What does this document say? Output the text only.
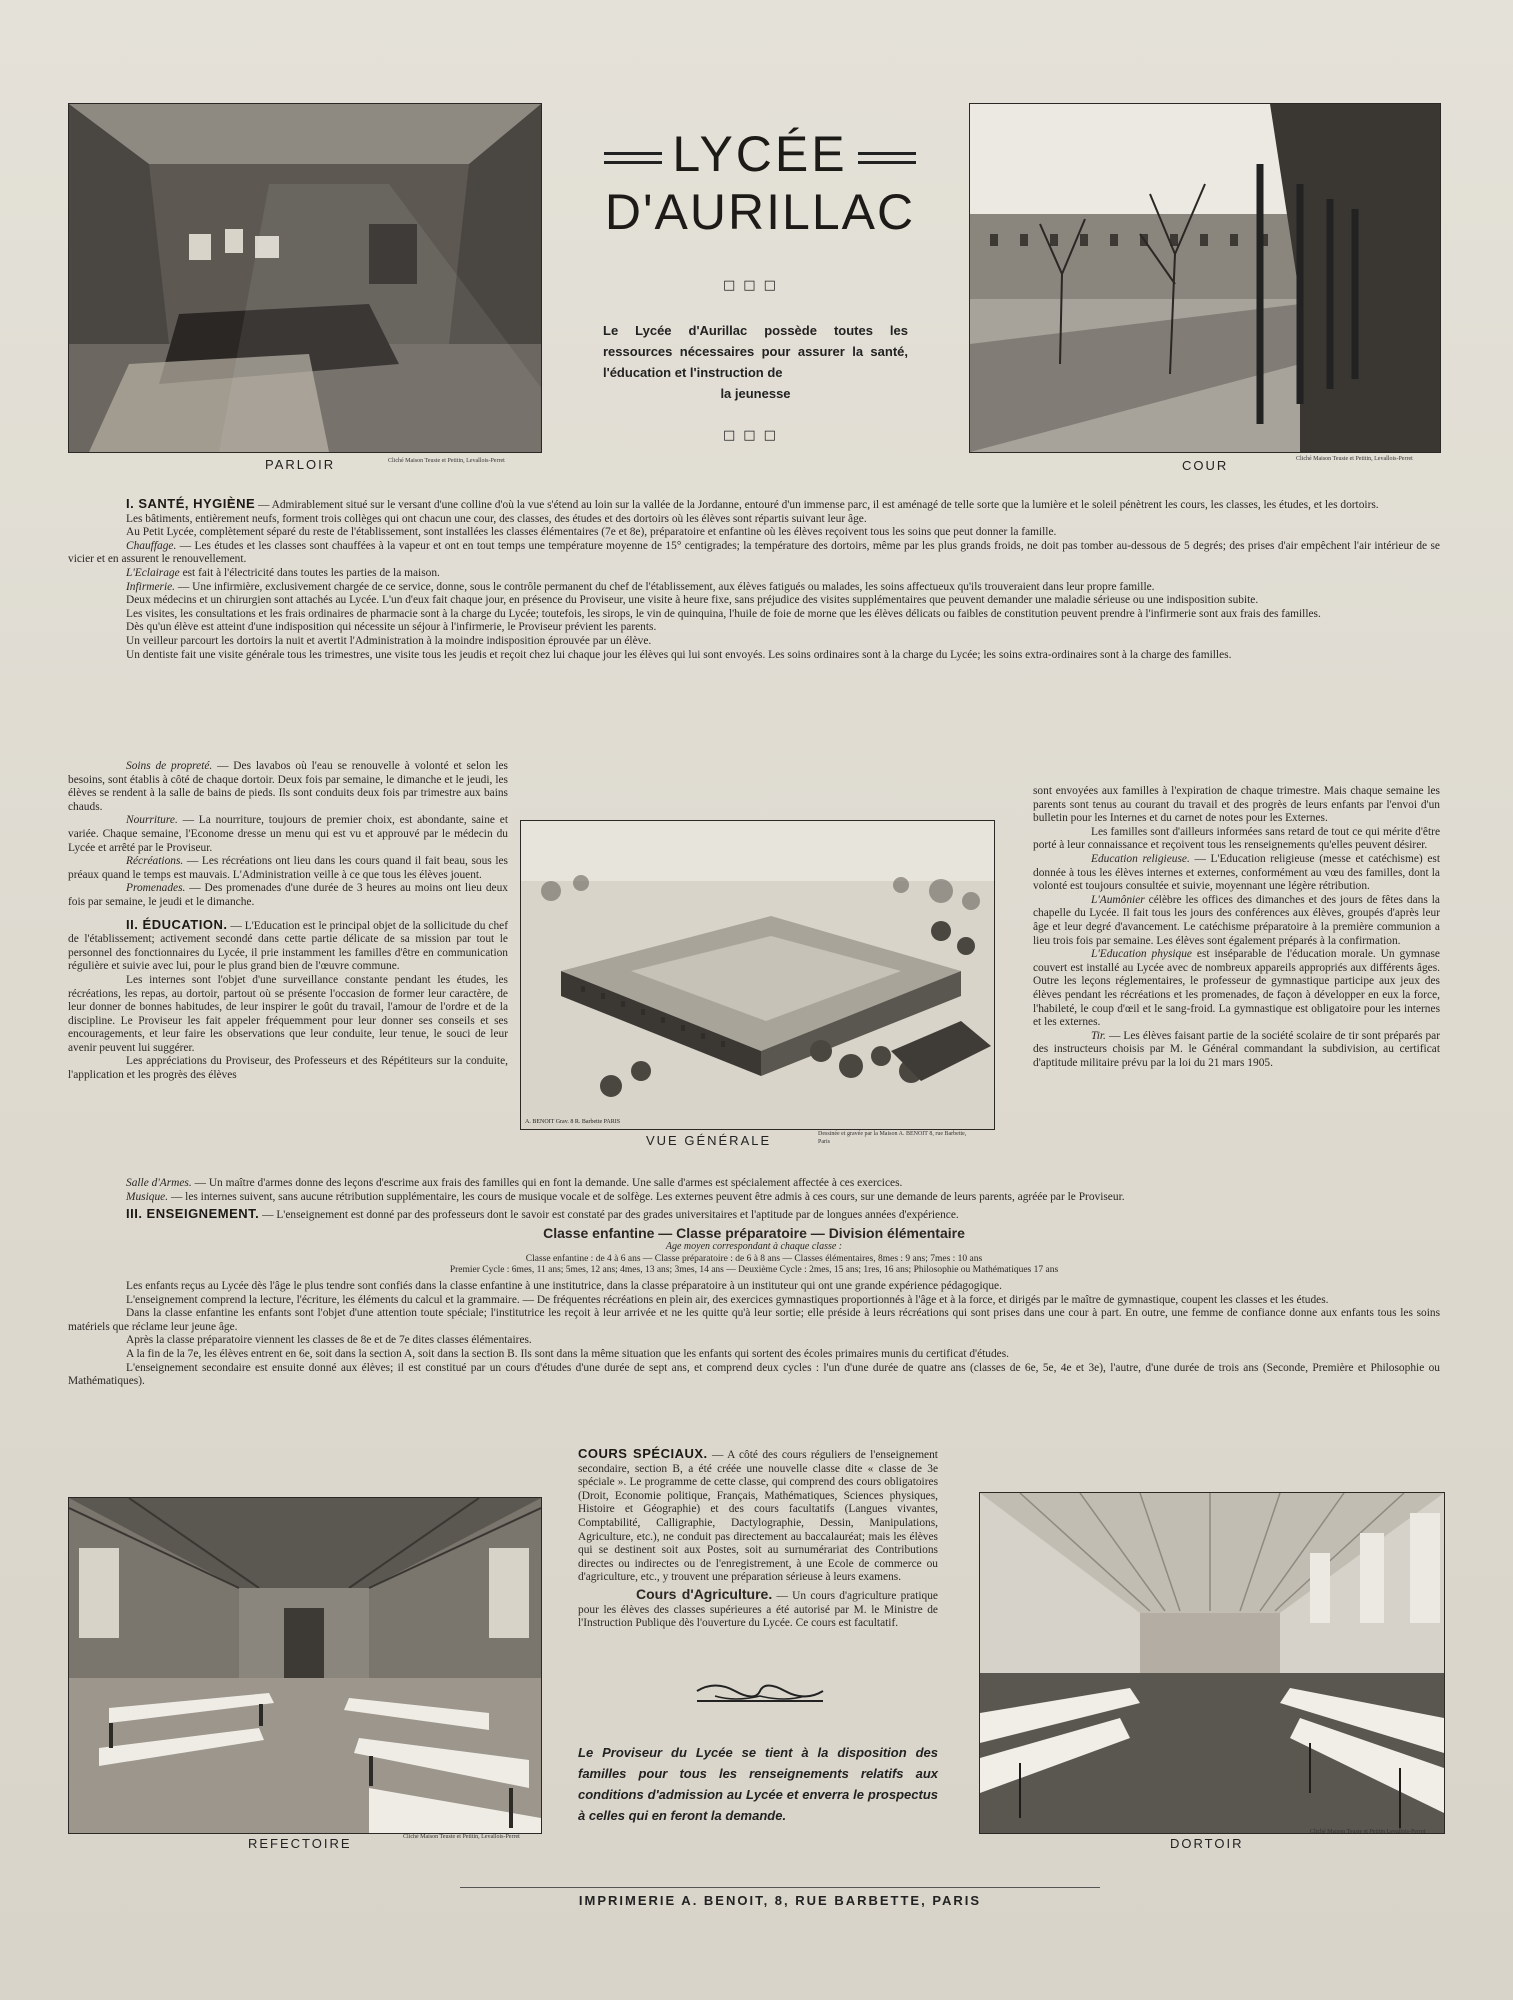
PARLOIR	Cliché Maison Teuste et Petitin, Levallois-Perret
LYCÉE
D'AURILLAC
□□□
Le Lycée d'Aurillac possède toutes les ressources nécessaires pour assurer la santé, l'éducation et l'instruction de
la jeunesse
□□□
COUR	Cliché Maison Teuste et Petitin, Levallois-Perret

I. SANTÉ, HYGIÈNE — Admirablement situé sur le versant d'une colline d'où la vue s'étend au loin sur la vallée de la Jordanne, entouré d'un immense parc, il est aménagé de telle sorte que la lumière et le soleil pénètrent les cours, les classes, les études, et les dortoirs.

Les bâtiments, entièrement neufs, forment trois collèges qui ont chacun une cour, des classes, des études et des dortoirs où les élèves sont répartis suivant leur âge.

Au Petit Lycée, complètement séparé du reste de l'établissement, sont installées les classes élémentaires (7e et 8e), préparatoire et enfantine où les élèves reçoivent tous les soins que peut donner la famille.

Chauffage. — Les études et les classes sont chauffées à la vapeur et ont en tout temps une température moyenne de 15° centigrades; la température des dortoirs, même par les plus grands froids, ne doit pas tomber au-dessous de 5 degrés; des prises d'air empêchent l'air intérieur de se vicier et en assurent le renouvellement.

L'Eclairage est fait à l'électricité dans toutes les parties de la maison.

Infirmerie. — Une infirmière, exclusivement chargée de ce service, donne, sous le contrôle permanent du chef de l'établissement, aux élèves fatigués ou malades, les soins affectueux qu'ils trouveraient dans leur propre famille.

Deux médecins et un chirurgien sont attachés au Lycée. L'un d'eux fait chaque jour, en présence du Proviseur, une visite à heure fixe, sans préjudice des visites supplémentaires que peuvent demander une maladie sérieuse ou une indisposition subite.

Les visites, les consultations et les frais ordinaires de pharmacie sont à la charge du Lycée; toutefois, les sirops, le vin de quinquina, l'huile de foie de morne que les élèves délicats ou faibles de constitution peuvent prendre à l'infirmerie sont aux frais des familles.

Dès qu'un élève est atteint d'une indisposition qui nécessite un séjour à l'infirmerie, le Proviseur prévient les parents.

Un veilleur parcourt les dortoirs la nuit et avertit l'Administration à la moindre indisposition éprouvée par un élève.

Un dentiste fait une visite générale tous les trimestres, une visite tous les jeudis et reçoit chez lui chaque jour les élèves qui lui sont envoyés. Les soins ordinaires sont à la charge du Lycée; les soins extra-ordinaires sont à la charge des familles.

Soins de propreté. — Des lavabos où l'eau se renouvelle à volonté et selon les besoins, sont établis à côté de chaque dortoir. Deux fois par semaine, le dimanche et le jeudi, les élèves se rendent à la salle de bains de pieds. Ils sont conduits deux fois par trimestre aux bains chauds.

Nourriture. — La nourriture, toujours de premier choix, est abondante, saine et variée. Chaque semaine, l'Econome dresse un menu qui est vu et approuvé par le médecin du Lycée et arrêté par le Proviseur.

Récréations. — Les récréations ont lieu dans les cours quand il fait beau, sous les préaux quand le temps est mauvais. L'Administration veille à ce que tous les élèves jouent.

Promenades. — Des promenades d'une durée de 3 heures au moins ont lieu deux fois par semaine, le jeudi et le dimanche.

II. ÉDUCATION. — L'Education est le principal objet de la sollicitude du chef de l'établissement; activement secondé dans cette partie délicate de sa mission par tout le personnel des fonctionnaires du Lycée, il prie instamment les familles d'être en communication régulière et suivie avec lui, pour le plus grand bien de l'œuvre commune.

Les internes sont l'objet d'une surveillance constante pendant les études, les récréations, les repas, au dortoir, partout où se présente l'occasion de former leur caractère, de leur donner de bonnes habitudes, de leur inspirer le goût du travail, l'amour de l'ordre et de la discipline. Le Proviseur les fait appeler fréquemment pour leur donner ses conseils et ses encouragements, et leur faire les observations que leur conduite, leur tenue, le souci de leur avenir peuvent lui suggérer.

Les appréciations du Proviseur, des Professeurs et des Répétiteurs sur la conduite, l'application et les progrès des élèves

A. BENOIT Grav. 8 R. Barbette PARIS
VUE GÉNÉRALE	Dessinée et gravée par la Maison A. BENOIT 8, rue Barbette, Paris

sont envoyées aux familles à l'expiration de chaque trimestre. Mais chaque semaine les parents sont tenus au courant du travail et des progrès de leurs enfants par l'envoi d'un bulletin pour les Internes et du carnet de notes pour les Externes.

Les familles sont d'ailleurs informées sans retard de tout ce qui mérite d'être porté à leur connaissance et reçoivent tous les renseignements qu'elles peuvent désirer.

Education religieuse. — L'Education religieuse (messe et catéchisme) est donnée à tous les élèves internes et externes, conformément au vœu des familles, dont la volonté est toujours consultée et suivie, moyennant une légère rétribution.

L'Aumônier célèbre les offices des dimanches et des jours de fêtes dans la chapelle du Lycée. Il fait tous les jours des conférences aux élèves, groupés d'après leur âge et leur degré d'avancement. Le catéchisme préparatoire à la première communion a lieu trois fois par semaine. Les élèves sont également préparés à la confirmation.

L'Education physique est inséparable de l'éducation morale. Un gymnase couvert est installé au Lycée avec de nombreux appareils appropriés aux différents âges. Outre les leçons réglementaires, le professeur de gymnastique participe aux jeux des élèves pendant les récréations et les promenades, de façon à développer en eux la force, l'habileté, le coup d'œil et le sang-froid. La gymnastique est obligatoire pour les internes et les externes.

Tir. — Les élèves faisant partie de la société scolaire de tir sont préparés par des instructeurs choisis par M. le Général commandant la subdivision, au certificat d'aptitude militaire prévu par la loi du 21 mars 1905.

Salle d'Armes. — Un maître d'armes donne des leçons d'escrime aux frais des familles qui en font la demande. Une salle d'armes est spécialement affectée à ces exercices.

Musique. — les internes suivent, sans aucune rétribution supplémentaire, les cours de musique vocale et de solfège. Les externes peuvent être admis à ces cours, sur une demande de leurs parents, agréée par le Proviseur.

III. ENSEIGNEMENT. — L'enseignement est donné par des professeurs dont le savoir est constaté par des grades universitaires et l'aptitude par de longues années d'expérience.

Classe enfantine — Classe préparatoire — Division élémentaire

Age moyen correspondant à chaque classe :

Classe enfantine : de 4 à 6 ans — Classe préparatoire : de 6 à 8 ans — Classes élémentaires, 8mes : 9 ans; 7mes : 10 ans

Premier Cycle : 6mes, 11 ans; 5mes, 12 ans; 4mes, 13 ans; 3mes, 14 ans — Deuxième Cycle : 2mes, 15 ans; 1res, 16 ans; Philosophie ou Mathématiques 17 ans

Les enfants reçus au Lycée dès l'âge le plus tendre sont confiés dans la classe enfantine à une institutrice, dans la classe préparatoire à un instituteur qui ont une grande expérience pédagogique.

L'enseignement comprend la lecture, l'écriture, les éléments du calcul et la grammaire. — De fréquentes récréations en plein air, des exercices gymnastiques proportionnés à l'âge et à la force, et dirigés par le maître de gymnastique, coupent les classes et les études.

Dans la classe enfantine les enfants sont l'objet d'une attention toute spéciale; l'institutrice les reçoit à leur arrivée et ne les quitte qu'à leur sortie; elle préside à leurs récréations qui sont prises dans une cour à part. En outre, une femme de confiance donne aux enfants tous les soins matériels que réclame leur jeune âge.

Après la classe préparatoire viennent les classes de 8e et de 7e dites classes élémentaires.

A la fin de la 7e, les élèves entrent en 6e, soit dans la section A, soit dans la section B. Ils sont dans la même situation que les enfants qui sortent des écoles primaires munis du certificat d'études.

L'enseignement secondaire est ensuite donné aux élèves; il est constitué par un cours d'études d'une durée de sept ans, et comprend deux cycles : l'un d'une durée de quatre ans (classes de 6e, 5e, 4e et 3e), l'autre, d'une durée de trois ans (Seconde, Première et Philosophie ou Mathématiques).

COURS SPÉCIAUX. — A côté des cours réguliers de l'enseignement secondaire, section B, a été créée une nouvelle classe dite « classe de 3e spéciale ». Le programme de cette classe, qui comprend des cours obligatoires (Droit, Economie politique, Français, Mathématiques, Sciences physiques, Histoire et Géographie) et des cours facultatifs (Langues vivantes, Comptabilité, Calligraphie, Dactylographie, Dessin, Manipulations, Agriculture, etc.), ne conduit pas directement au baccalauréat; mais les élèves qui se destinent soit aux Postes, soit au surnumérariat des Contributions directes ou indirectes ou de l'enregistrement, à une Ecole de commerce ou d'agriculture, etc., y trouvent une préparation sérieuse à leurs examens.

Cours d'Agriculture. — Un cours d'agriculture pratique pour les élèves des classes supérieures a été autorisé par M. le Ministre de l'Instruction Publique dès l'ouverture du Lycée. Ce cours est facultatif.

REFECTOIRE	Cliché Maison Teuste et Petitin, Levallois-Perret
Le Proviseur du Lycée se tient à la disposition des familles pour tous les renseignements relatifs aux conditions d'admission au Lycée et enverra le prospectus à celles qui en feront la demande.
DORTOIR
Cliché Maison Teuste et Petitin Levallois-Perret
IMPRIMERIE A. BENOIT, 8, RUE BARBETTE, PARIS
